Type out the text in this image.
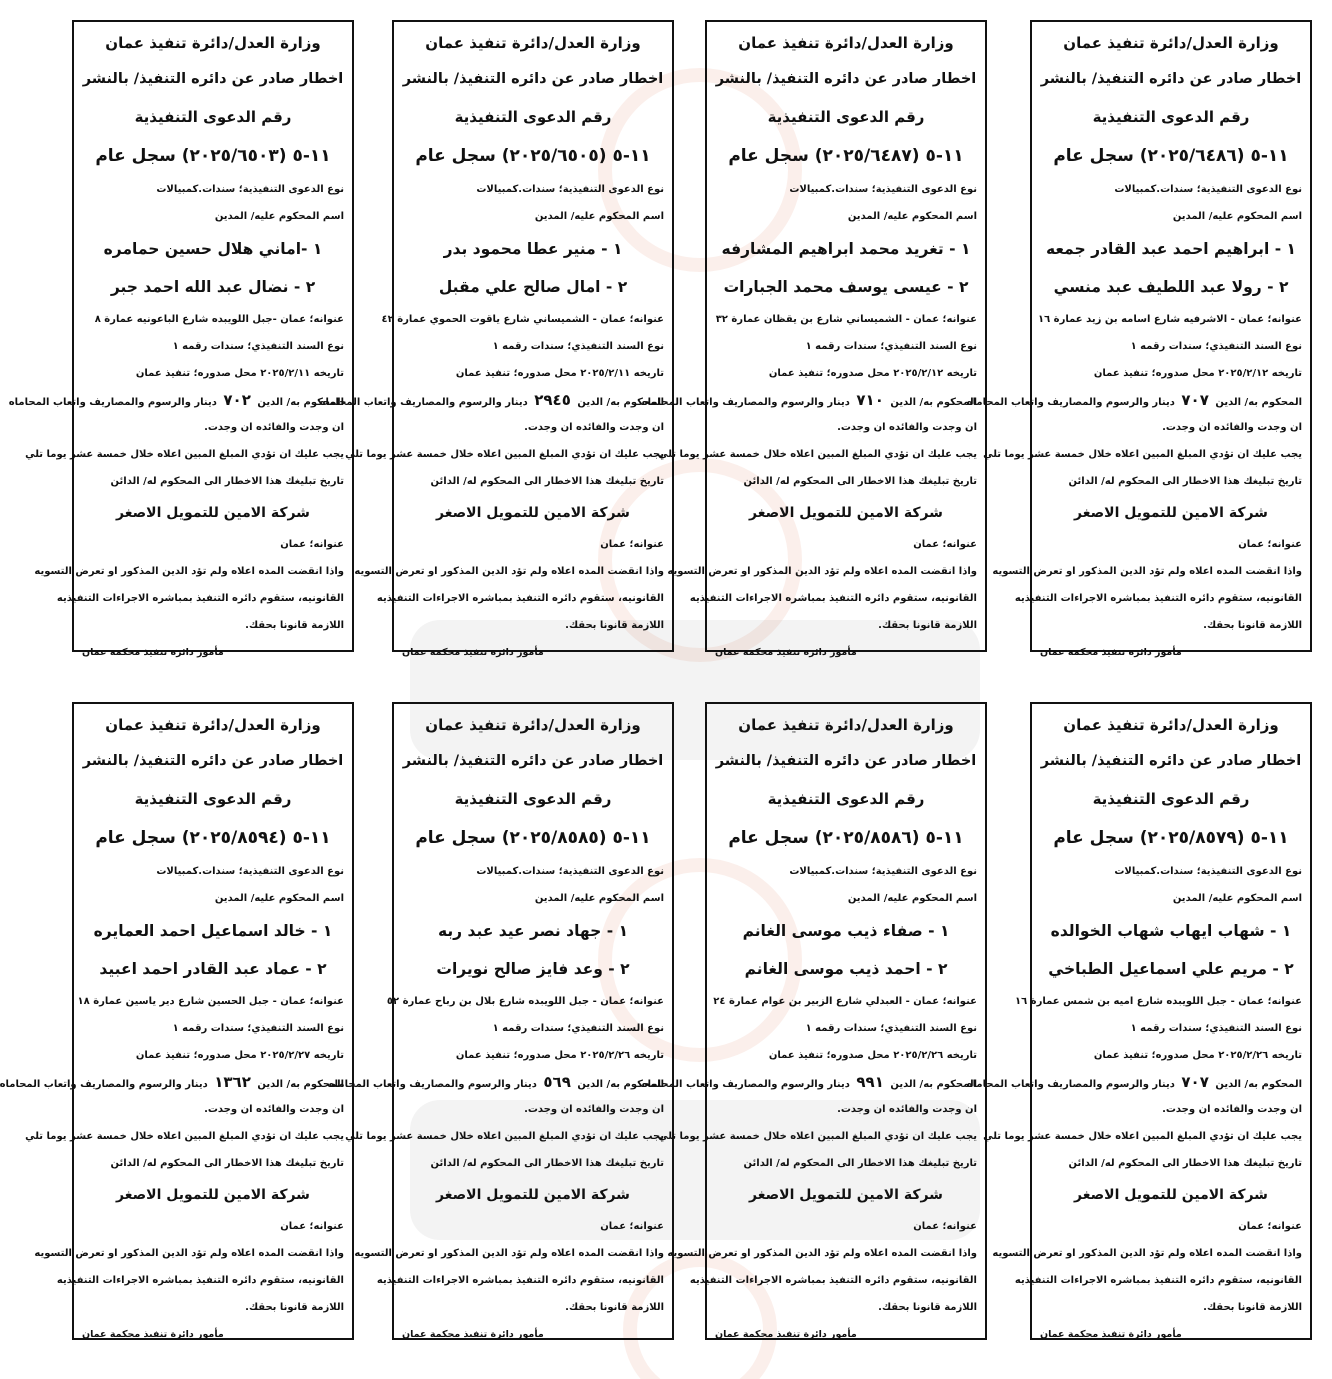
وزارة العدل/دائرة تنفيذ عمان
اخطار صادر عن دائره التنفيذ/ بالنشر
رقم الدعوى التنفيذية
١١-٥ (٢٠٢٥/٦٤٨٦) سجل عام
نوع الدعوى التنفيذية؛ سندات.كمبيالات
اسم المحكوم عليه/ المدين
١ - ابراهيم احمد عبد القادر جمعه
٢ - رولا عبد اللطيف عبد منسي
عنوانه؛ عمان - الاشرفيه شارع اسامه بن زيد عمارة ١٦
نوع السند التنفيذي؛ سندات رقمه ١
تاريخه ٢٠٢٥/٢/١٢ محل صدوره؛ تنفيذ عمان
المحكوم به/ الدين ٧٠٧ دينار والرسوم والمصاريف واتعاب المحاماه
ان وجدت والفائده ان وجدت.
يجب عليك ان تؤدي المبلغ المبين اعلاه خلال خمسة عشر يوما تلي
تاريخ تبليغك هذا الاخطار الى المحكوم له/ الدائن
شركة الامين للتمويل الاصغر
عنوانه؛ عمان
واذا انقضت المده اعلاه ولم تؤد الدين المذكور او تعرض التسويه
القانونيه، ستقوم دائره التنفيذ بمباشره الاجراءات التنفيذيه
اللازمة قانونا بحقك.
مأمور دائرة تنفيذ محكمة عمان
وزارة العدل/دائرة تنفيذ عمان
اخطار صادر عن دائره التنفيذ/ بالنشر
رقم الدعوى التنفيذية
١١-٥ (٢٠٢٥/٦٤٨٧) سجل عام
نوع الدعوى التنفيذية؛ سندات.كمبيالات
اسم المحكوم عليه/ المدين
١ - تغريد محمد ابراهيم المشارفه
٢ - عيسى يوسف محمد الجبارات
عنوانه؛ عمان - الشميساني شارع بن يقظان عمارة ٣٢
نوع السند التنفيذي؛ سندات رقمه ١
تاريخه ٢٠٢٥/٢/١٢ محل صدوره؛ تنفيذ عمان
المحكوم به/ الدين ٧١٠ دينار والرسوم والمصاريف واتعاب المحاماه
ان وجدت والفائده ان وجدت.
يجب عليك ان تؤدي المبلغ المبين اعلاه خلال خمسة عشر يوما تلي
تاريخ تبليغك هذا الاخطار الى المحكوم له/ الدائن
شركة الامين للتمويل الاصغر
عنوانه؛ عمان
واذا انقضت المده اعلاه ولم تؤد الدين المذكور او تعرض التسويه
القانونيه، ستقوم دائره التنفيذ بمباشره الاجراءات التنفيذيه
اللازمة قانونا بحقك.
مأمور دائرة تنفيذ محكمة عمان
وزارة العدل/دائرة تنفيذ عمان
اخطار صادر عن دائره التنفيذ/ بالنشر
رقم الدعوى التنفيذية
١١-٥ (٢٠٢٥/٦٥٠٥) سجل عام
نوع الدعوى التنفيذية؛ سندات.كمبيالات
اسم المحكوم عليه/ المدين
١ - منير عطا محمود بدر
٢ - امال صالح علي مقبل
عنوانه؛ عمان - الشميساني شارع ياقوت الحموي عمارة ٤٢
نوع السند التنفيذي؛ سندات رقمه ١
تاريخه ٢٠٢٥/٢/١١ محل صدوره؛ تنفيذ عمان
المحكوم به/ الدين ٢٩٤٥ دينار والرسوم والمصاريف واتعاب المحاماه
ان وجدت والفائده ان وجدت.
يجب عليك ان تؤدي المبلغ المبين اعلاه خلال خمسة عشر يوما تلي
تاريخ تبليغك هذا الاخطار الى المحكوم له/ الدائن
شركة الامين للتمويل الاصغر
عنوانه؛ عمان
واذا انقضت المده اعلاه ولم تؤد الدين المذكور او تعرض التسويه
القانونيه، ستقوم دائره التنفيذ بمباشره الاجراءات التنفيذيه
اللازمة قانونا بحقك.
مأمور دائرة تنفيذ محكمة عمان
وزارة العدل/دائرة تنفيذ عمان
اخطار صادر عن دائره التنفيذ/ بالنشر
رقم الدعوى التنفيذية
١١-٥ (٢٠٢٥/٦٥٠٣) سجل عام
نوع الدعوى التنفيذية؛ سندات.كمبيالات
اسم المحكوم عليه/ المدين
١ -اماني هلال حسين حمامره
٢ - نضال عبد الله احمد جبر
عنوانه؛ عمان -جبل اللويبده شارع الباعونيه عمارة ٨
نوع السند التنفيذي؛ سندات رقمه ١
تاريخه ٢٠٢٥/٢/١١ محل صدوره؛ تنفيذ عمان
المحكوم به/ الدين ٧٠٢ دينار والرسوم والمصاريف واتعاب المحاماه
ان وجدت والفائده ان وجدت.
يجب عليك ان تؤدي المبلغ المبين اعلاه خلال خمسة عشر يوما تلي
تاريخ تبليغك هذا الاخطار الى المحكوم له/ الدائن
شركة الامين للتمويل الاصغر
عنوانه؛ عمان
واذا انقضت المده اعلاه ولم تؤد الدين المذكور او تعرض التسويه
القانونيه، ستقوم دائره التنفيذ بمباشره الاجراءات التنفيذيه
اللازمة قانونا بحقك.
مأمور دائرة تنفيذ محكمة عمان
وزارة العدل/دائرة تنفيذ عمان
اخطار صادر عن دائره التنفيذ/ بالنشر
رقم الدعوى التنفيذية
١١-٥ (٢٠٢٥/٨٥٧٩) سجل عام
نوع الدعوى التنفيذية؛ سندات.كمبيالات
اسم المحكوم عليه/ المدين
١ - شهاب ايهاب شهاب الخوالده
٢ - مريم علي اسماعيل الطباخي
عنوانه؛ عمان - جبل اللويبده شارع اميه بن شمس عمارة ١٦
نوع السند التنفيذي؛ سندات رقمه ١
تاريخه ٢٠٢٥/٢/٢٦ محل صدوره؛ تنفيذ عمان
المحكوم به/ الدين ٧٠٧ دينار والرسوم والمصاريف واتعاب المحاماه
ان وجدت والفائده ان وجدت.
يجب عليك ان تؤدي المبلغ المبين اعلاه خلال خمسة عشر يوما تلي
تاريخ تبليغك هذا الاخطار الى المحكوم له/ الدائن
شركة الامين للتمويل الاصغر
عنوانه؛ عمان
واذا انقضت المده اعلاه ولم تؤد الدين المذكور او تعرض التسويه
القانونيه، ستقوم دائره التنفيذ بمباشره الاجراءات التنفيذيه
اللازمة قانونا بحقك.
مأمور دائرة تنفيذ محكمة عمان
وزارة العدل/دائرة تنفيذ عمان
اخطار صادر عن دائره التنفيذ/ بالنشر
رقم الدعوى التنفيذية
١١-٥ (٢٠٢٥/٨٥٨٦) سجل عام
نوع الدعوى التنفيذية؛ سندات.كمبيالات
اسم المحكوم عليه/ المدين
١ - صفاء ذيب موسى الغانم
٢ - احمد ذيب موسى الغانم
عنوانه؛ عمان - العبدلي شارع الزبير بن عوام عمارة ٢٤
نوع السند التنفيذي؛ سندات رقمه ١
تاريخه ٢٠٢٥/٢/٢٦ محل صدوره؛ تنفيذ عمان
المحكوم به/ الدين ٩٩١ دينار والرسوم والمصاريف واتعاب المحاماه
ان وجدت والفائده ان وجدت.
يجب عليك ان تؤدي المبلغ المبين اعلاه خلال خمسة عشر يوما تلي
تاريخ تبليغك هذا الاخطار الى المحكوم له/ الدائن
شركة الامين للتمويل الاصغر
عنوانه؛ عمان
واذا انقضت المده اعلاه ولم تؤد الدين المذكور او تعرض التسويه
القانونيه، ستقوم دائره التنفيذ بمباشره الاجراءات التنفيذيه
اللازمة قانونا بحقك.
مأمور دائرة تنفيذ محكمة عمان
وزارة العدل/دائرة تنفيذ عمان
اخطار صادر عن دائره التنفيذ/ بالنشر
رقم الدعوى التنفيذية
١١-٥ (٢٠٢٥/٨٥٨٥) سجل عام
نوع الدعوى التنفيذية؛ سندات.كمبيالات
اسم المحكوم عليه/ المدين
١ - جهاد نصر عيد عبد ربه
٢ - وعد فايز صالح نويرات
عنوانه؛ عمان - جبل اللويبده شارع بلال بن رباح عمارة ٥٢
نوع السند التنفيذي؛ سندات رقمه ١
تاريخه ٢٠٢٥/٢/٢٦ محل صدوره؛ تنفيذ عمان
المحكوم به/ الدين ٥٦٩ دينار والرسوم والمصاريف واتعاب المحاماه
ان وجدت والفائده ان وجدت.
يجب عليك ان تؤدي المبلغ المبين اعلاه خلال خمسة عشر يوما تلي
تاريخ تبليغك هذا الاخطار الى المحكوم له/ الدائن
شركة الامين للتمويل الاصغر
عنوانه؛ عمان
واذا انقضت المده اعلاه ولم تؤد الدين المذكور او تعرض التسويه
القانونيه، ستقوم دائره التنفيذ بمباشره الاجراءات التنفيذيه
اللازمة قانونا بحقك.
مأمور دائرة تنفيذ محكمة عمان
وزارة العدل/دائرة تنفيذ عمان
اخطار صادر عن دائره التنفيذ/ بالنشر
رقم الدعوى التنفيذية
١١-٥ (٢٠٢٥/٨٥٩٤) سجل عام
نوع الدعوى التنفيذية؛ سندات.كمبيالات
اسم المحكوم عليه/ المدين
١ - خالد اسماعيل احمد العمايره
٢ - عماد عبد القادر احمد اعبيد
عنوانه؛ عمان - جبل الحسين شارع دير ياسين عمارة ١٨
نوع السند التنفيذي؛ سندات رقمه ١
تاريخه ٢٠٢٥/٢/٢٧ محل صدوره؛ تنفيذ عمان
المحكوم به/ الدين ١٣٦٢ دينار والرسوم والمصاريف واتعاب المحاماه
ان وجدت والفائده ان وجدت.
يجب عليك ان تؤدي المبلغ المبين اعلاه خلال خمسة عشر يوما تلي
تاريخ تبليغك هذا الاخطار الى المحكوم له/ الدائن
شركة الامين للتمويل الاصغر
عنوانه؛ عمان
واذا انقضت المده اعلاه ولم تؤد الدين المذكور او تعرض التسويه
القانونيه، ستقوم دائره التنفيذ بمباشره الاجراءات التنفيذيه
اللازمة قانونا بحقك.
مأمور دائرة تنفيذ محكمة عمان
